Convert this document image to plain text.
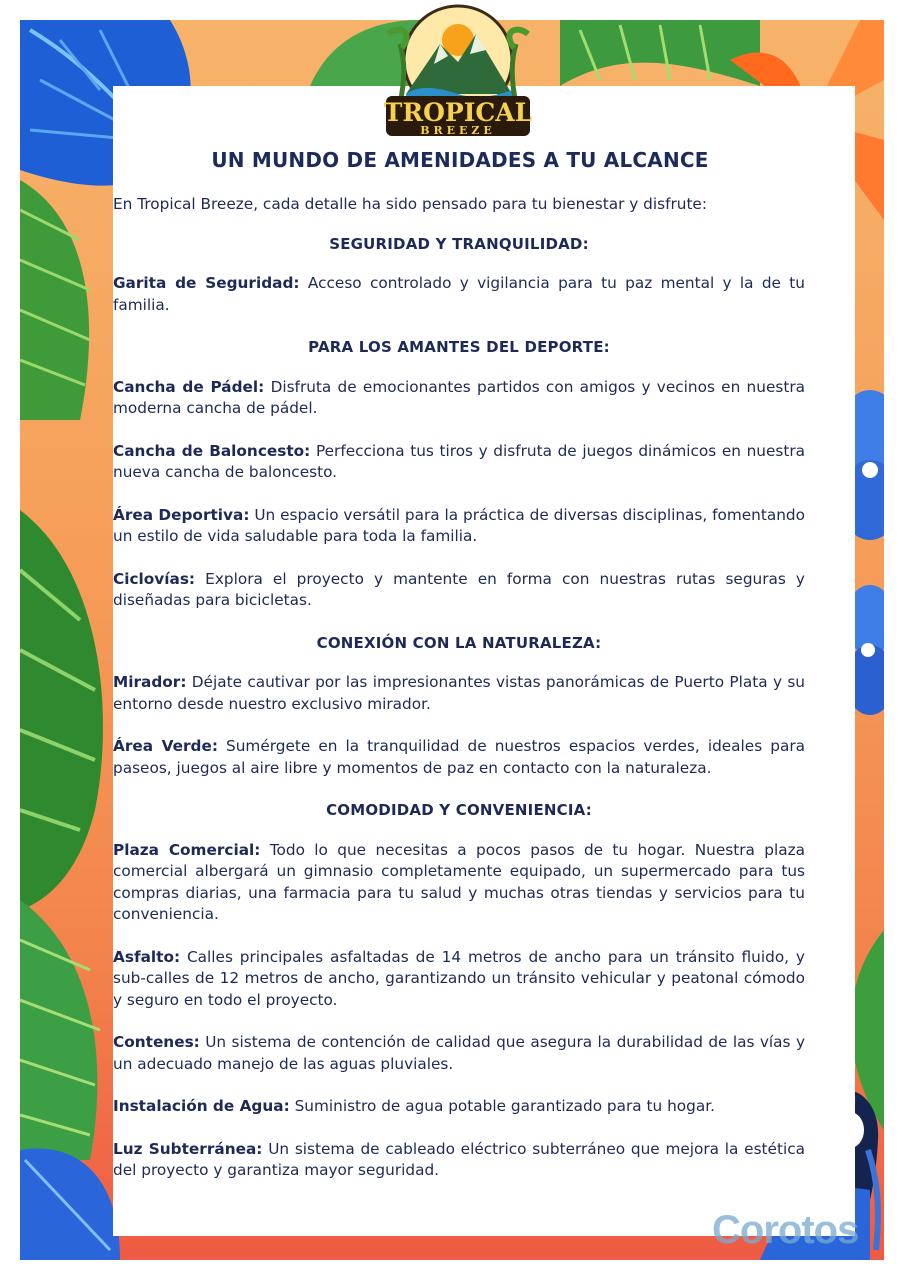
TROPICAL
BREEZE
UN MUNDO DE AMENIDADES A TU ALCANCE

En Tropical Breeze, cada detalle ha sido pensado para tu bienestar y disfrute:

SEGURIDAD Y TRANQUILIDAD:

Garita de Seguridad: Acceso controlado y vigilancia para tu paz mental y la de tu familia.

PARA LOS AMANTES DEL DEPORTE:

Cancha de Pádel: Disfruta de emocionantes partidos con amigos y vecinos en nuestra moderna cancha de pádel.

Cancha de Baloncesto: Perfecciona tus tiros y disfruta de juegos dinámicos en nuestra nueva cancha de baloncesto.

Área Deportiva: Un espacio versátil para la práctica de diversas disciplinas, fomentando un estilo de vida saludable para toda la familia.

Ciclovías: Explora el proyecto y mantente en forma con nuestras rutas seguras y diseñadas para bicicletas.

CONEXIÓN CON LA NATURALEZA:

Mirador: Déjate cautivar por las impresionantes vistas panorámicas de Puerto Plata y su entorno desde nuestro exclusivo mirador.

Área Verde: Sumérgete en la tranquilidad de nuestros espacios verdes, ideales para paseos, juegos al aire libre y momentos de paz en contacto con la naturaleza.

COMODIDAD Y CONVENIENCIA:

Plaza Comercial: Todo lo que necesitas a pocos pasos de tu hogar. Nuestra plaza comercial albergará un gimnasio completamente equipado, un supermercado para tus compras diarias, una farmacia para tu salud y muchas otras tiendas y servicios para tu conveniencia.

Asfalto: Calles principales asfaltadas de 14 metros de ancho para un tránsito fluido, y sub-calles de 12 metros de ancho, garantizando un tránsito vehicular y peatonal cómodo y seguro en todo el proyecto.

Contenes: Un sistema de contención de calidad que asegura la durabilidad de las vías y un adecuado manejo de las aguas pluviales.

Instalación de Agua: Suministro de agua potable garantizado para tu hogar.

Luz Subterránea: Un sistema de cableado eléctrico subterráneo que mejora la estética del proyecto y garantiza mayor seguridad.

Corotos
